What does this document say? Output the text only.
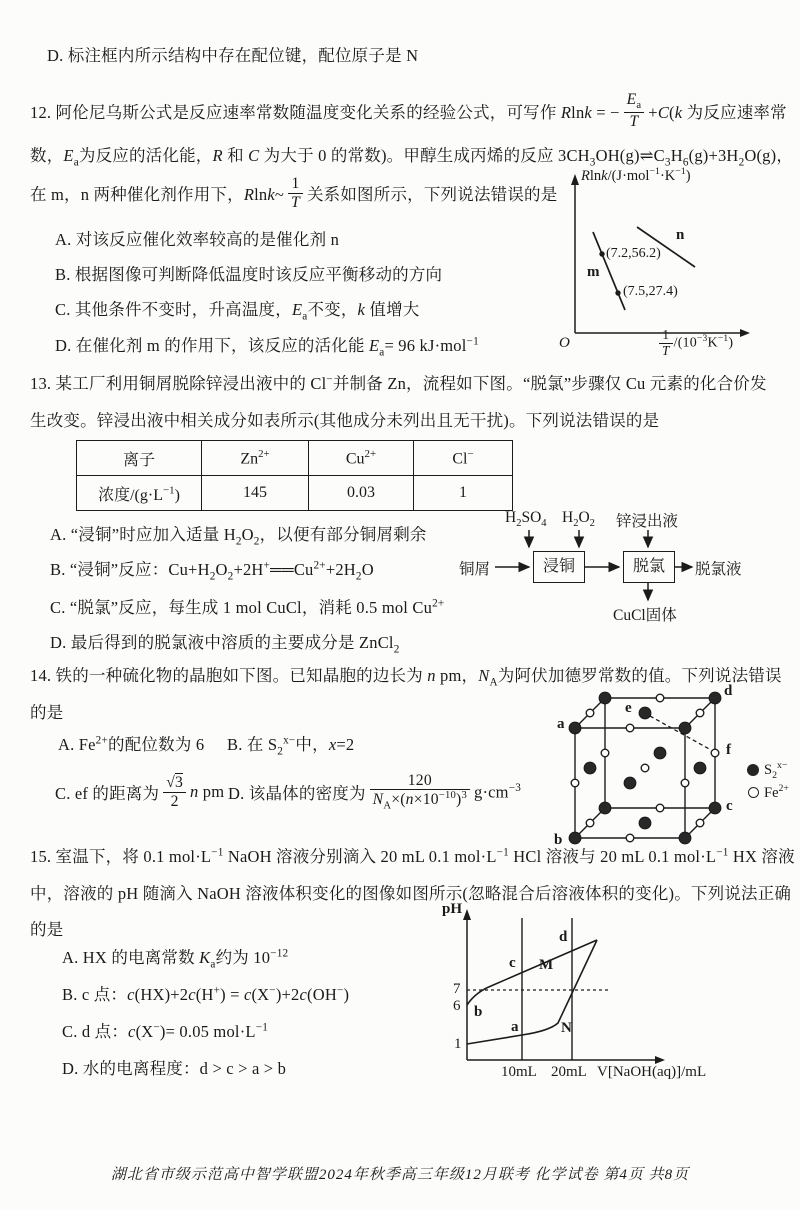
D. 标注框内所示结构中存在配位键，配位原子是 N
12. 阿伦尼乌斯公式是反应速率常数随温度变化关系的经验公式，可写作 Rlnk = − $\frac{E_a}{T} +C(k$ 为反应速率常
数，$E_a$为反应的活化能，R 和 C 为大于 0 的常数)。甲醇生成丙烯的反应 $3CH_3OH(g)\rightleftharpoons C_3H_6(g)+3H_2O(g)$，
在 m，n 两种催化剂作用下，Rlnk~ $\frac{1}{T}$ 关系如图所示，下列说法错误的是
A. 对该反应催化效率较高的是催化剂 n
B. 根据图像可判断降低温度时该反应平衡移动的方向
C. 其他条件不变时，升高温度，$E_a$不变，k 值增大
D. 在催化剂 m 的作用下，该反应的活化能 $E_a= 96$ kJ·mol$^{-1}$
Rlnk/$(J\cdot mol^{-1}\cdot K^{-1})$
O
(7.2,56.2)
(7.5,27.4)
m
n
$\frac{1}{T} /(10^{-3}K^{-1})$
13. 某工厂利用铜屑脱除锌浸出液中的 Cl−并制备 Zn，流程如下图。“脱氯”步骤仅 Cu 元素的化合价发
生改变。锌浸出液中相关成分如表所示(其他成分未列出且无干扰)。下列说法错误的是
离子	$Zn^{2+}$	$Cu^{2+}$	Cl−
浓度$/(g\cdot L^{-1})$	145	0.03	1
A. “浸铜”时应加入适量 $H_2O_2$，以便有部分铜屑剩余
B. “浸铜”反应：$Cu+H_2O_2+2H^+══Cu^{2+}+2H_2O$
C. “脱氯”反应，每生成 1 mol CuCl，消耗 0.5 mol $Cu^{2+}$
D. 最后得到的脱氯液中溶质的主要成分是 ZnCl$_2$
铜屑	浸铜	脱氯	脱氯液
$H_2SO_4$ $H_2O_2$ 锌浸出液
CuCl固体
14. 铁的一种硫化物的晶胞如下图。已知晶胞的边长为 n pm，$N_A$为阿伏加德罗常数的值。下列说法错误
的是
A. $Fe^{2+}$的配位数为 6 B. 在 $S_2^{x-}$中，x=2
C. ef 的距离为 $\frac{√3}{2}$ n pm D. 该晶体的密度为 $\frac{120}{N_A\times(n\times 10^{-10})^3} g\cdot cm^{-3}$
a
b
c
d
e
f
$S_2^{x-}$
$Fe^{2+}$
15. 室温下，将 0.1 $mol\cdot L^{-1}$ NaOH 溶液分别滴入 20 mL 0.1 $mol\cdot L^{-1}$ HCl 溶液与 20 mL 0.1 $mol\cdot L^{-1}$ HX 溶液
中，溶液的 pH 随滴入 NaOH 溶液体积变化的图像如图所示(忽略混合后溶液体积的变化)。下列说法正确
的是
A. HX 的电离常数 $K_a$约为 $10^{-12}$
B. c 点：c(HX)+2c(H+) = c(X−)+2c(OH−)
C. d 点：c(X−)= 0.05 $mol\cdot L^{-1}$
D. 水的电离程度：d > c > a > b
pH
7
6
1
10mL 20mL V[NaOH(aq)]/mL
a
b
c
d
M
N
湖北省市级示范高中智学联盟2024年秋季高三年级12月联考 化学试卷 第4页 共8页
